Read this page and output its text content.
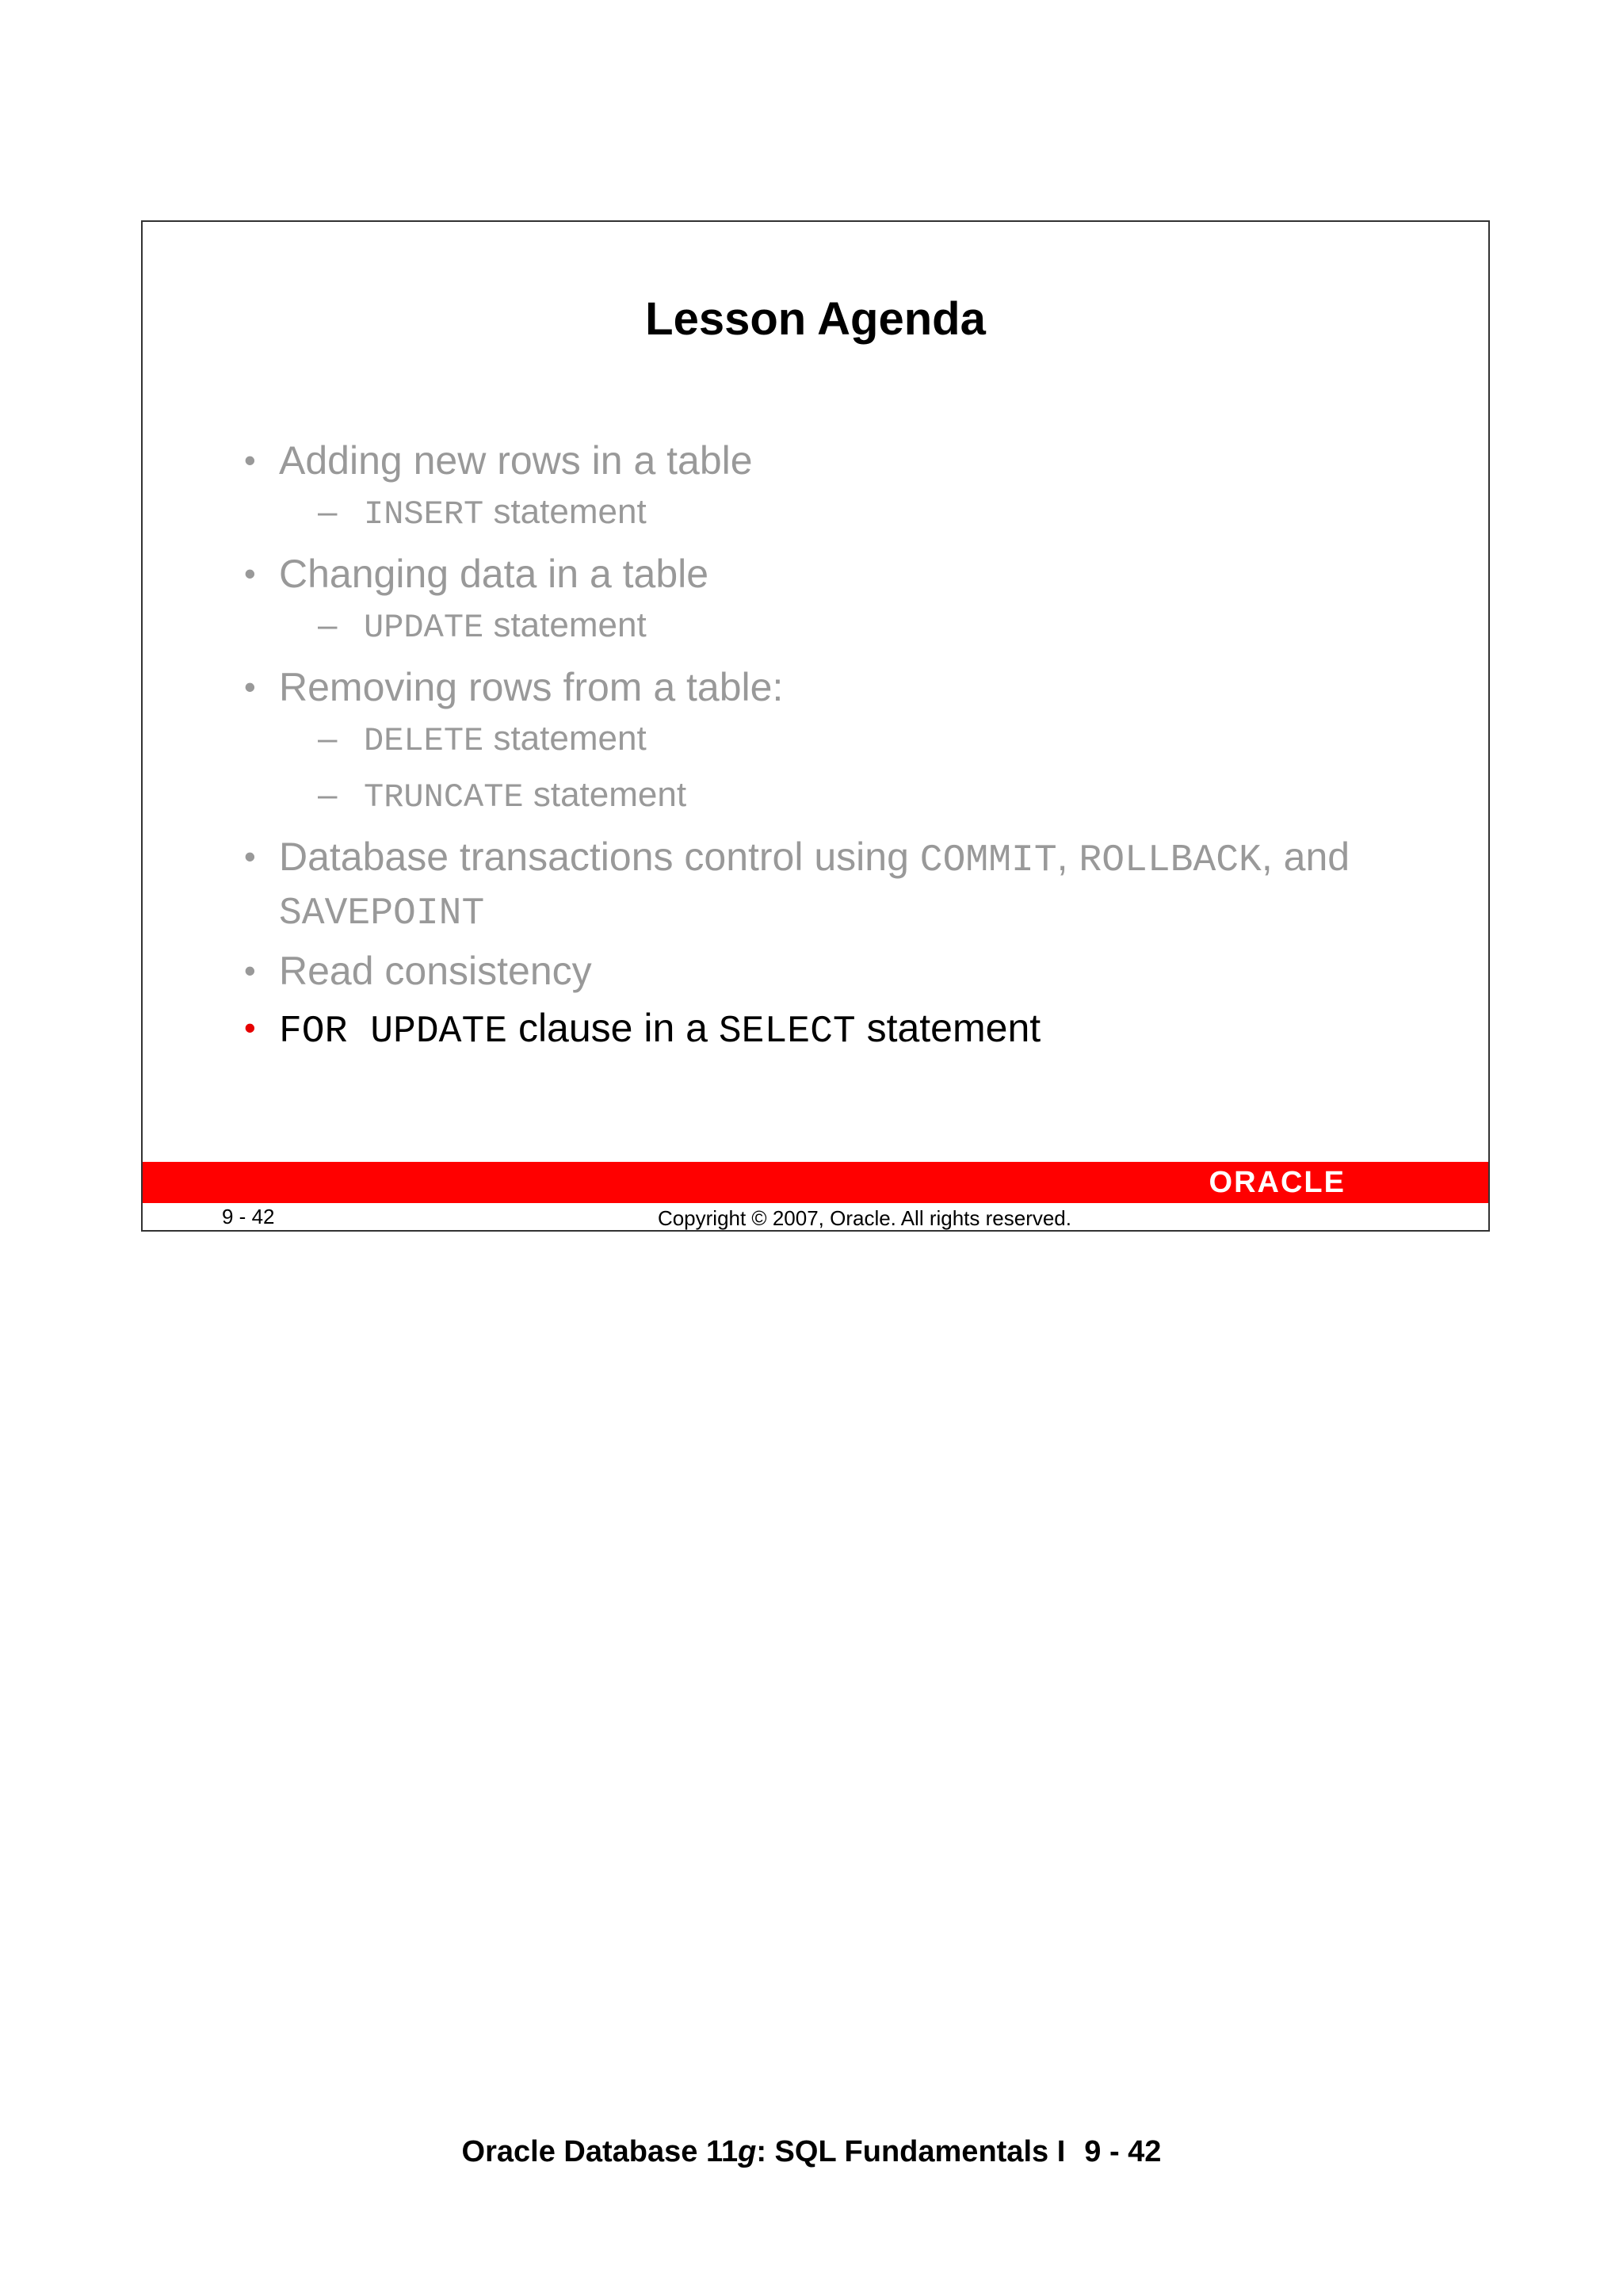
Lesson Agenda
• Adding new rows in a table
– INSERT statement
• Changing data in a table
– UPDATE statement
• Removing rows from a table:
– DELETE statement
– TRUNCATE statement
• Database transactions control using COMMIT, ROLLBACK, and SAVEPOINT
• Read consistency
• FOR UPDATE clause in a SELECT statement
ORACLE
9 - 42	Copyright © 2007, Oracle. All rights reserved.
Oracle Database 11g: SQL Fundamentals I 9 - 42
